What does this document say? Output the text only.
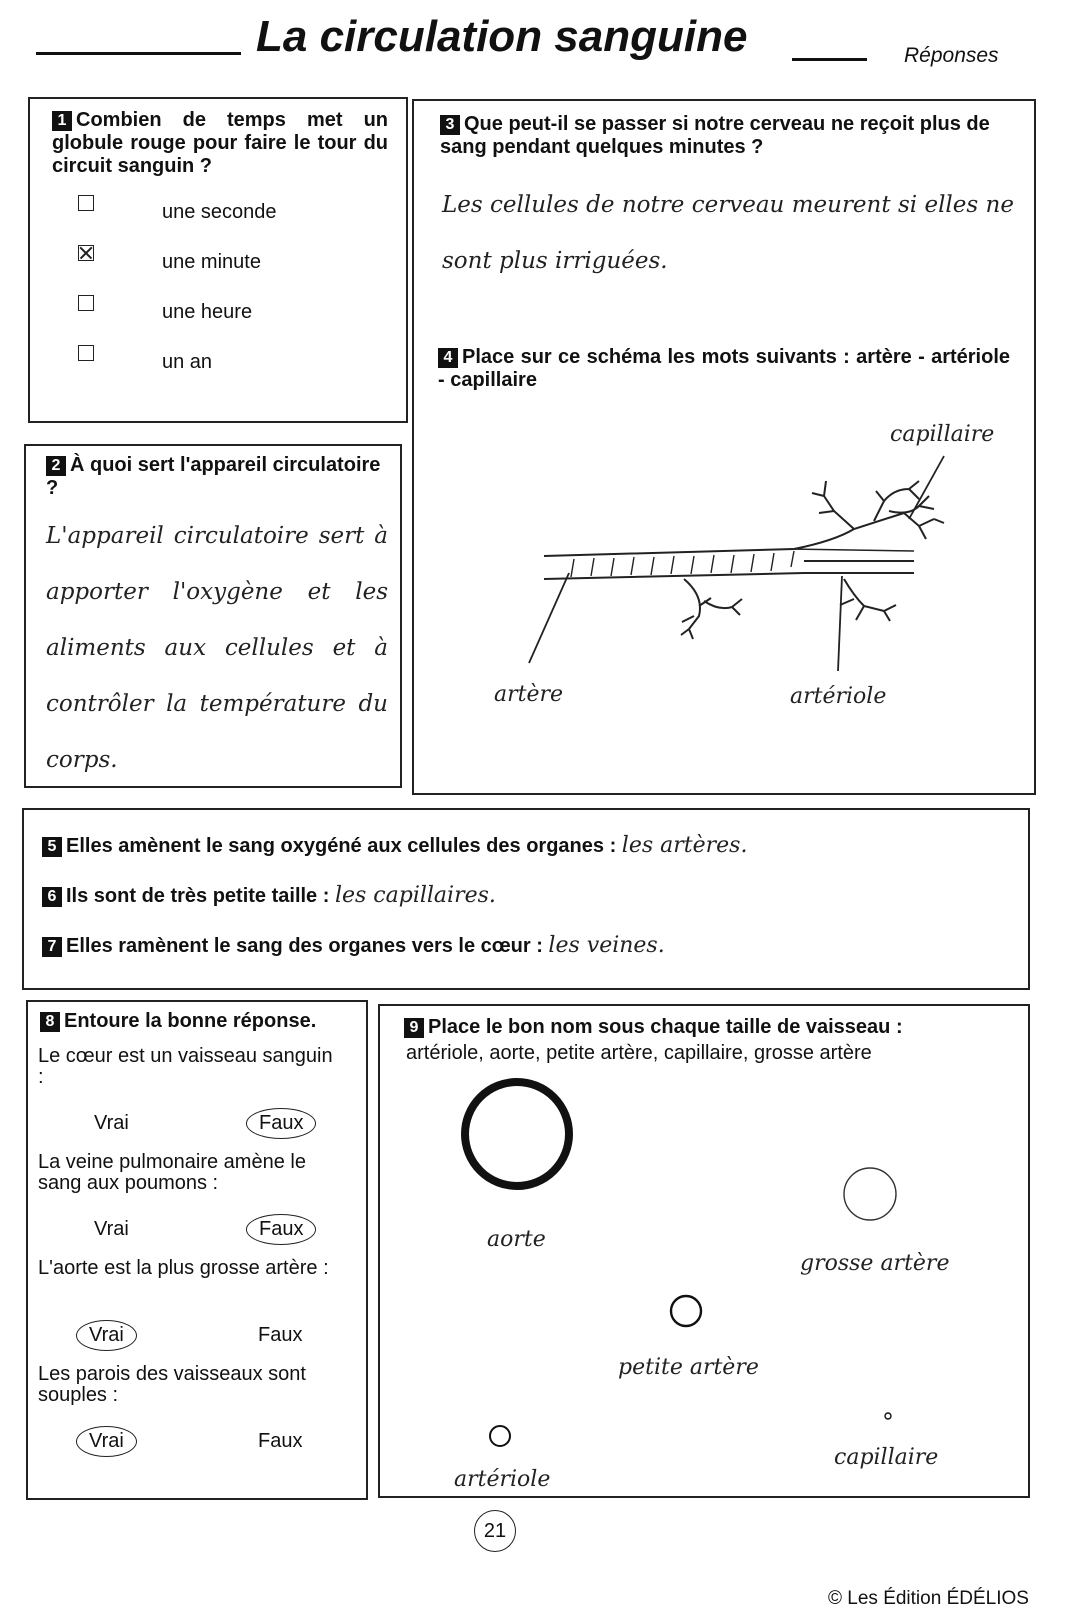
La circulation sanguine	Réponses
1 Combien de temps met un globule rouge pour faire le tour du circuit sanguin ?
une seconde
une minute
une heure
un an
2 À quoi sert l'appareil circulatoire ?
L'appareil circulatoire sert à apporter l'oxygène et les aliments aux cellules et à contrôler la température du corps.
3 Que peut-il se passer si notre cerveau ne reçoit plus de sang pendant quelques minutes ?
Les cellules de notre cerveau meurent si elles ne sont plus irriguées.
4 Place sur ce schéma les mots suivants : artère - artériole - capillaire
capillaire
artère	artériole
5 Elles amènent le sang oxygéné aux cellules des organes : les artères.
6 Ils sont de très petite taille : les capillaires.
7 Elles ramènent le sang des organes vers le cœur : les veines.
8 Entoure la bonne réponse.
Le cœur est un vaisseau sanguin :
Vrai	Faux
La veine pulmonaire amène le sang aux poumons :
Vrai	Faux
L'aorte est la plus grosse artère :
Vrai	Faux
Les parois des vaisseaux sont souples :
Vrai	Faux
9 Place le bon nom sous chaque taille de vaisseau :
artériole, aorte, petite artère, capillaire, grosse artère
aorte
grosse artère
petite artère
artériole
capillaire
21
© Les Édition ÉDÉLIOS
